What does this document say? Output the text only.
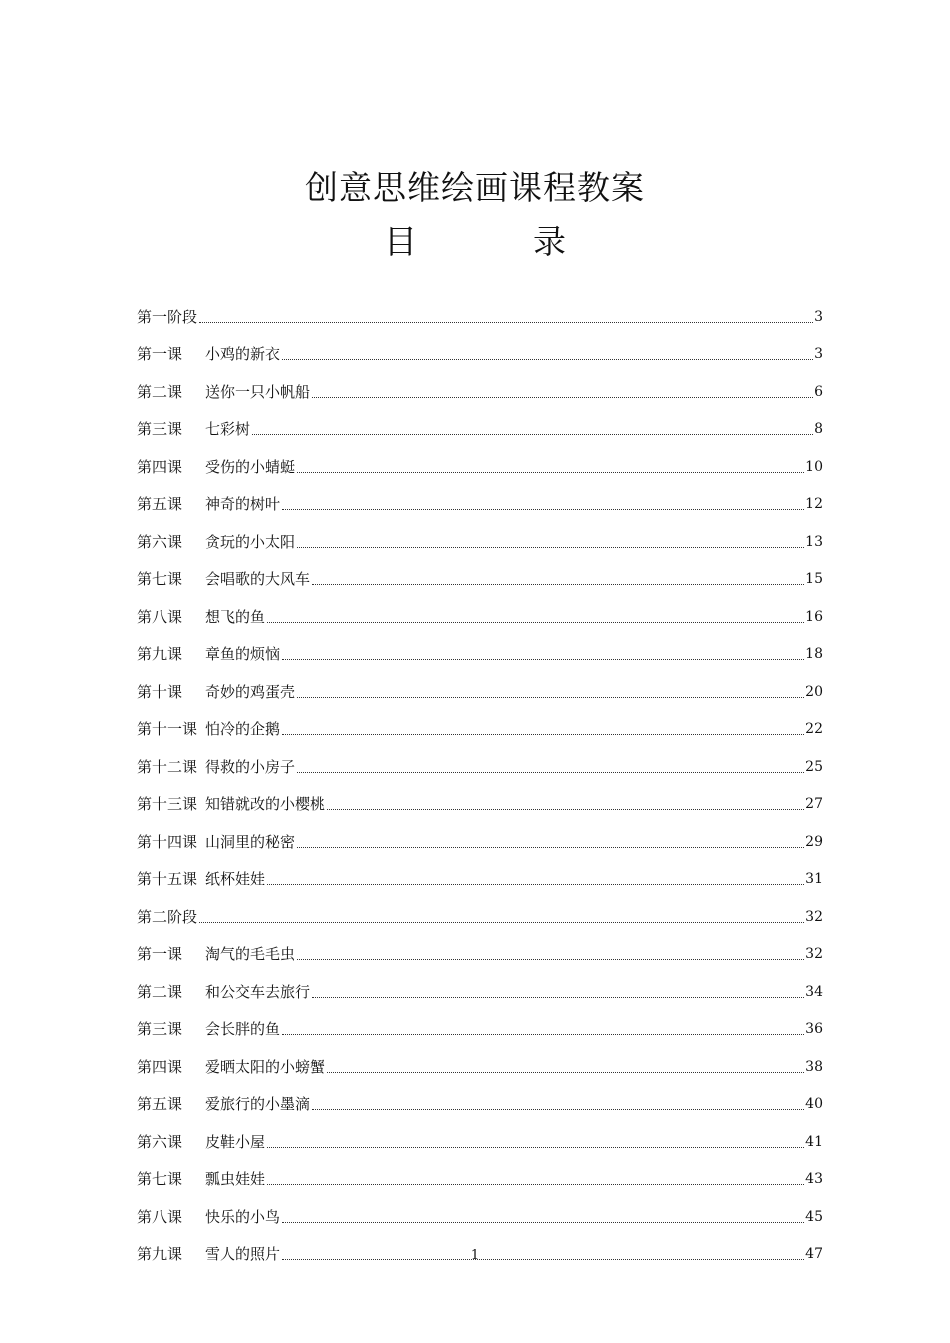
创意思维绘画课程教案
目	录
第一阶段	3
第一课 小鸡的新衣	3
第二课 送你一只小帆船	6
第三课 七彩树	8
第四课 受伤的小蜻蜓	10
第五课 神奇的树叶	12
第六课 贪玩的小太阳	13
第七课 会唱歌的大风车	15
第八课 想飞的鱼	16
第九课 章鱼的烦恼	18
第十课 奇妙的鸡蛋壳	20
第十一课 怕冷的企鹅	22
第十二课 得救的小房子	25
第十三课 知错就改的小樱桃	27
第十四课 山洞里的秘密	29
第十五课 纸杯娃娃	31
第二阶段	32
第一课 淘气的毛毛虫	32
第二课 和公交车去旅行	34
第三课 会长胖的鱼	36
第四课 爱晒太阳的小螃蟹	38
第五课 爱旅行的小墨滴	40
第六课 皮鞋小屋	41
第七课 瓢虫娃娃	43
第八课 快乐的小鸟	45
第九课 雪人的照片	47
1
